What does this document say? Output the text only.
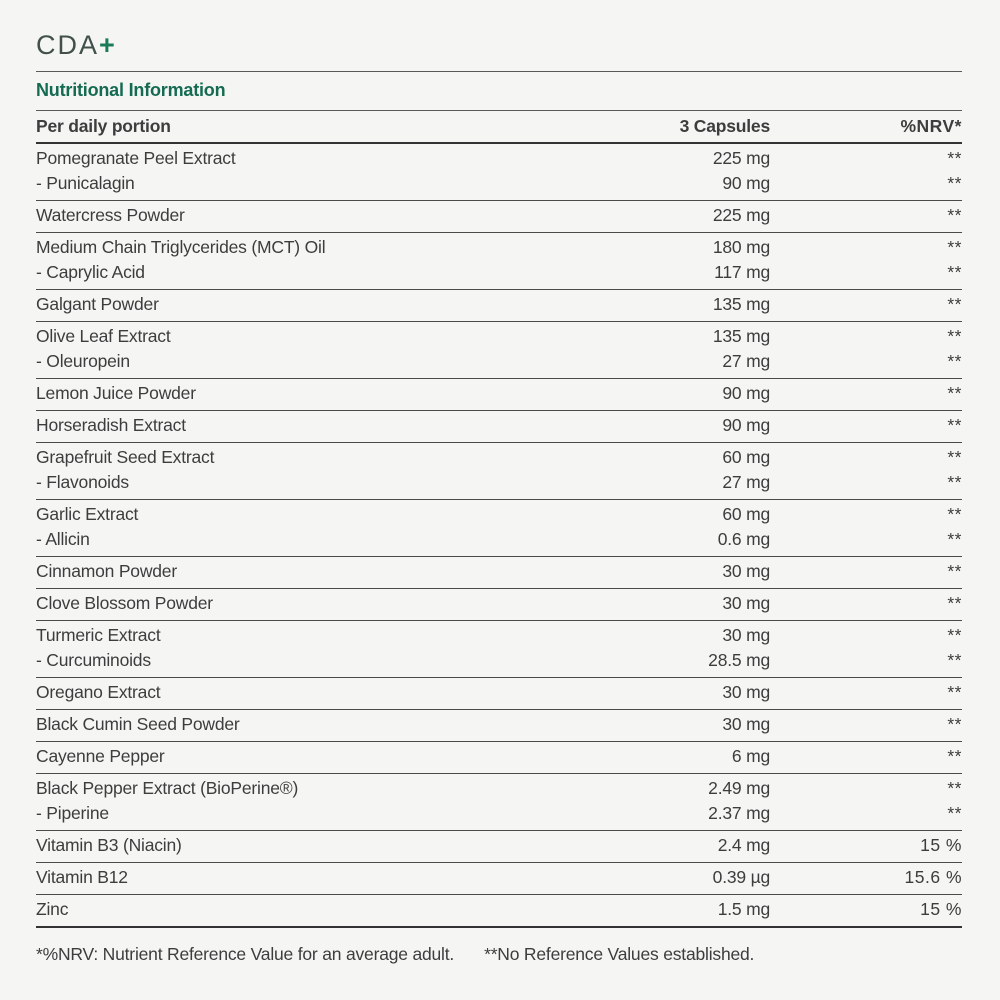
CDA+
Nutritional Information
Per daily portion	3 Capsules	%NRV*
Pomegranate Peel Extract	225 mg	**
- Punicalagin	90 mg	**
Watercress Powder	225 mg	**
Medium Chain Triglycerides (MCT) Oil	180 mg	**
- Caprylic Acid	117 mg	**
Galgant Powder	135 mg	**
Olive Leaf Extract	135 mg	**
- Oleuropein	27 mg	**
Lemon Juice Powder	90 mg	**
Horseradish Extract	90 mg	**
Grapefruit Seed Extract	60 mg	**
- Flavonoids	27 mg	**
Garlic Extract	60 mg	**
- Allicin	0.6 mg	**
Cinnamon Powder	30 mg	**
Clove Blossom Powder	30 mg	**
Turmeric Extract	30 mg	**
- Curcuminoids	28.5 mg	**
Oregano Extract	30 mg	**
Black Cumin Seed Powder	30 mg	**
Cayenne Pepper	6 mg	**
Black Pepper Extract (BioPerine®)	2.49 mg	**
- Piperine	2.37 mg	**
Vitamin B3 (Niacin)	2.4 mg	15 %
Vitamin B12	0.39 µg	15.6 %
Zinc	1.5 mg	15 %
*%NRV: Nutrient Reference Value for an average adult. **No Reference Values established.
